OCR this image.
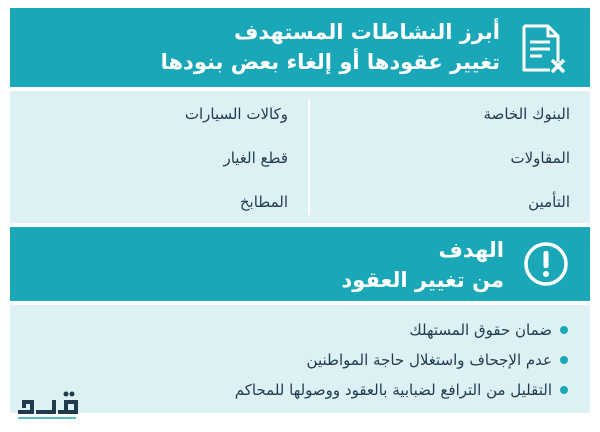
أبرز النشاطات المستهدف
تغيير عقودها أو إلغاء بعض بنودها
البنوك الخاصة
وكالات السيارات
المقاولات
قطع الغيار
التأمين
المطابخ
الهدف
من تغيير العقود
ضمان حقوق المستهلك
عدم الإجحاف واستغلال حاجة المواطنين
التقليل من الترافع لضبابية بالعقود ووصولها للمحاكم
